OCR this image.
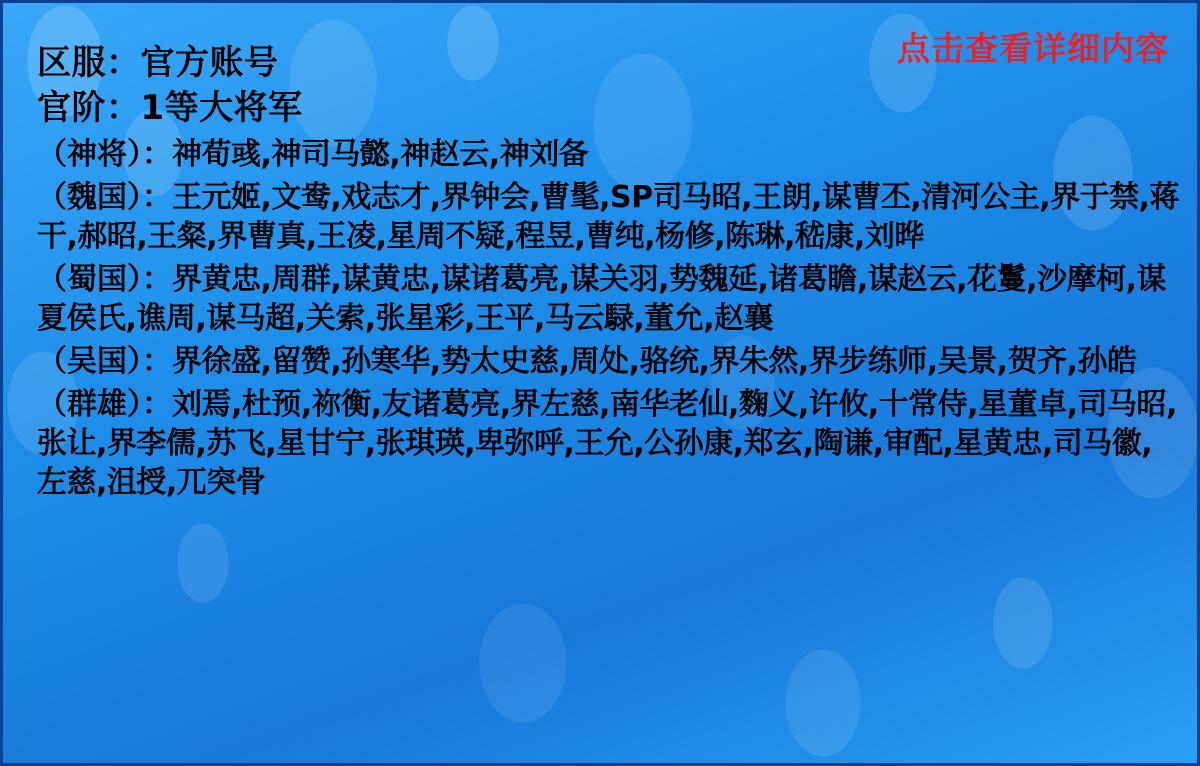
点击查看详细内容
区服：官方账号
官阶：1等大将军
（神将）：神荀彧,神司马懿,神赵云,神刘备
（魏国）：王元姬,文鸯,戏志才,界钟会,曹髦,SP司马昭,王朗,谋曹丕,清河公主,界于禁,蒋干,郝昭,王粲,界曹真,王凌,星周不疑,程昱,曹纯,杨修,陈琳,嵇康,刘晔
（蜀国）：界黄忠,周群,谋黄忠,谋诸葛亮,谋关羽,势魏延,诸葛瞻,谋赵云,花鬘,沙摩柯,谋夏侯氏,谯周,谋马超,关索,张星彩,王平,马云騄,董允,赵襄
（吴国）：界徐盛,留赞,孙寒华,势太史慈,周处,骆统,界朱然,界步练师,吴景,贺齐,孙皓
（群雄）：刘焉,杜预,祢衡,友诸葛亮,界左慈,南华老仙,麴义,许攸,十常侍,星董卓,司马昭,张让,界李儒,苏飞,星甘宁,张琪瑛,卑弥呼,王允,公孙康,郑玄,陶谦,审配,星黄忠,司马徽,左慈,沮授,兀突骨
